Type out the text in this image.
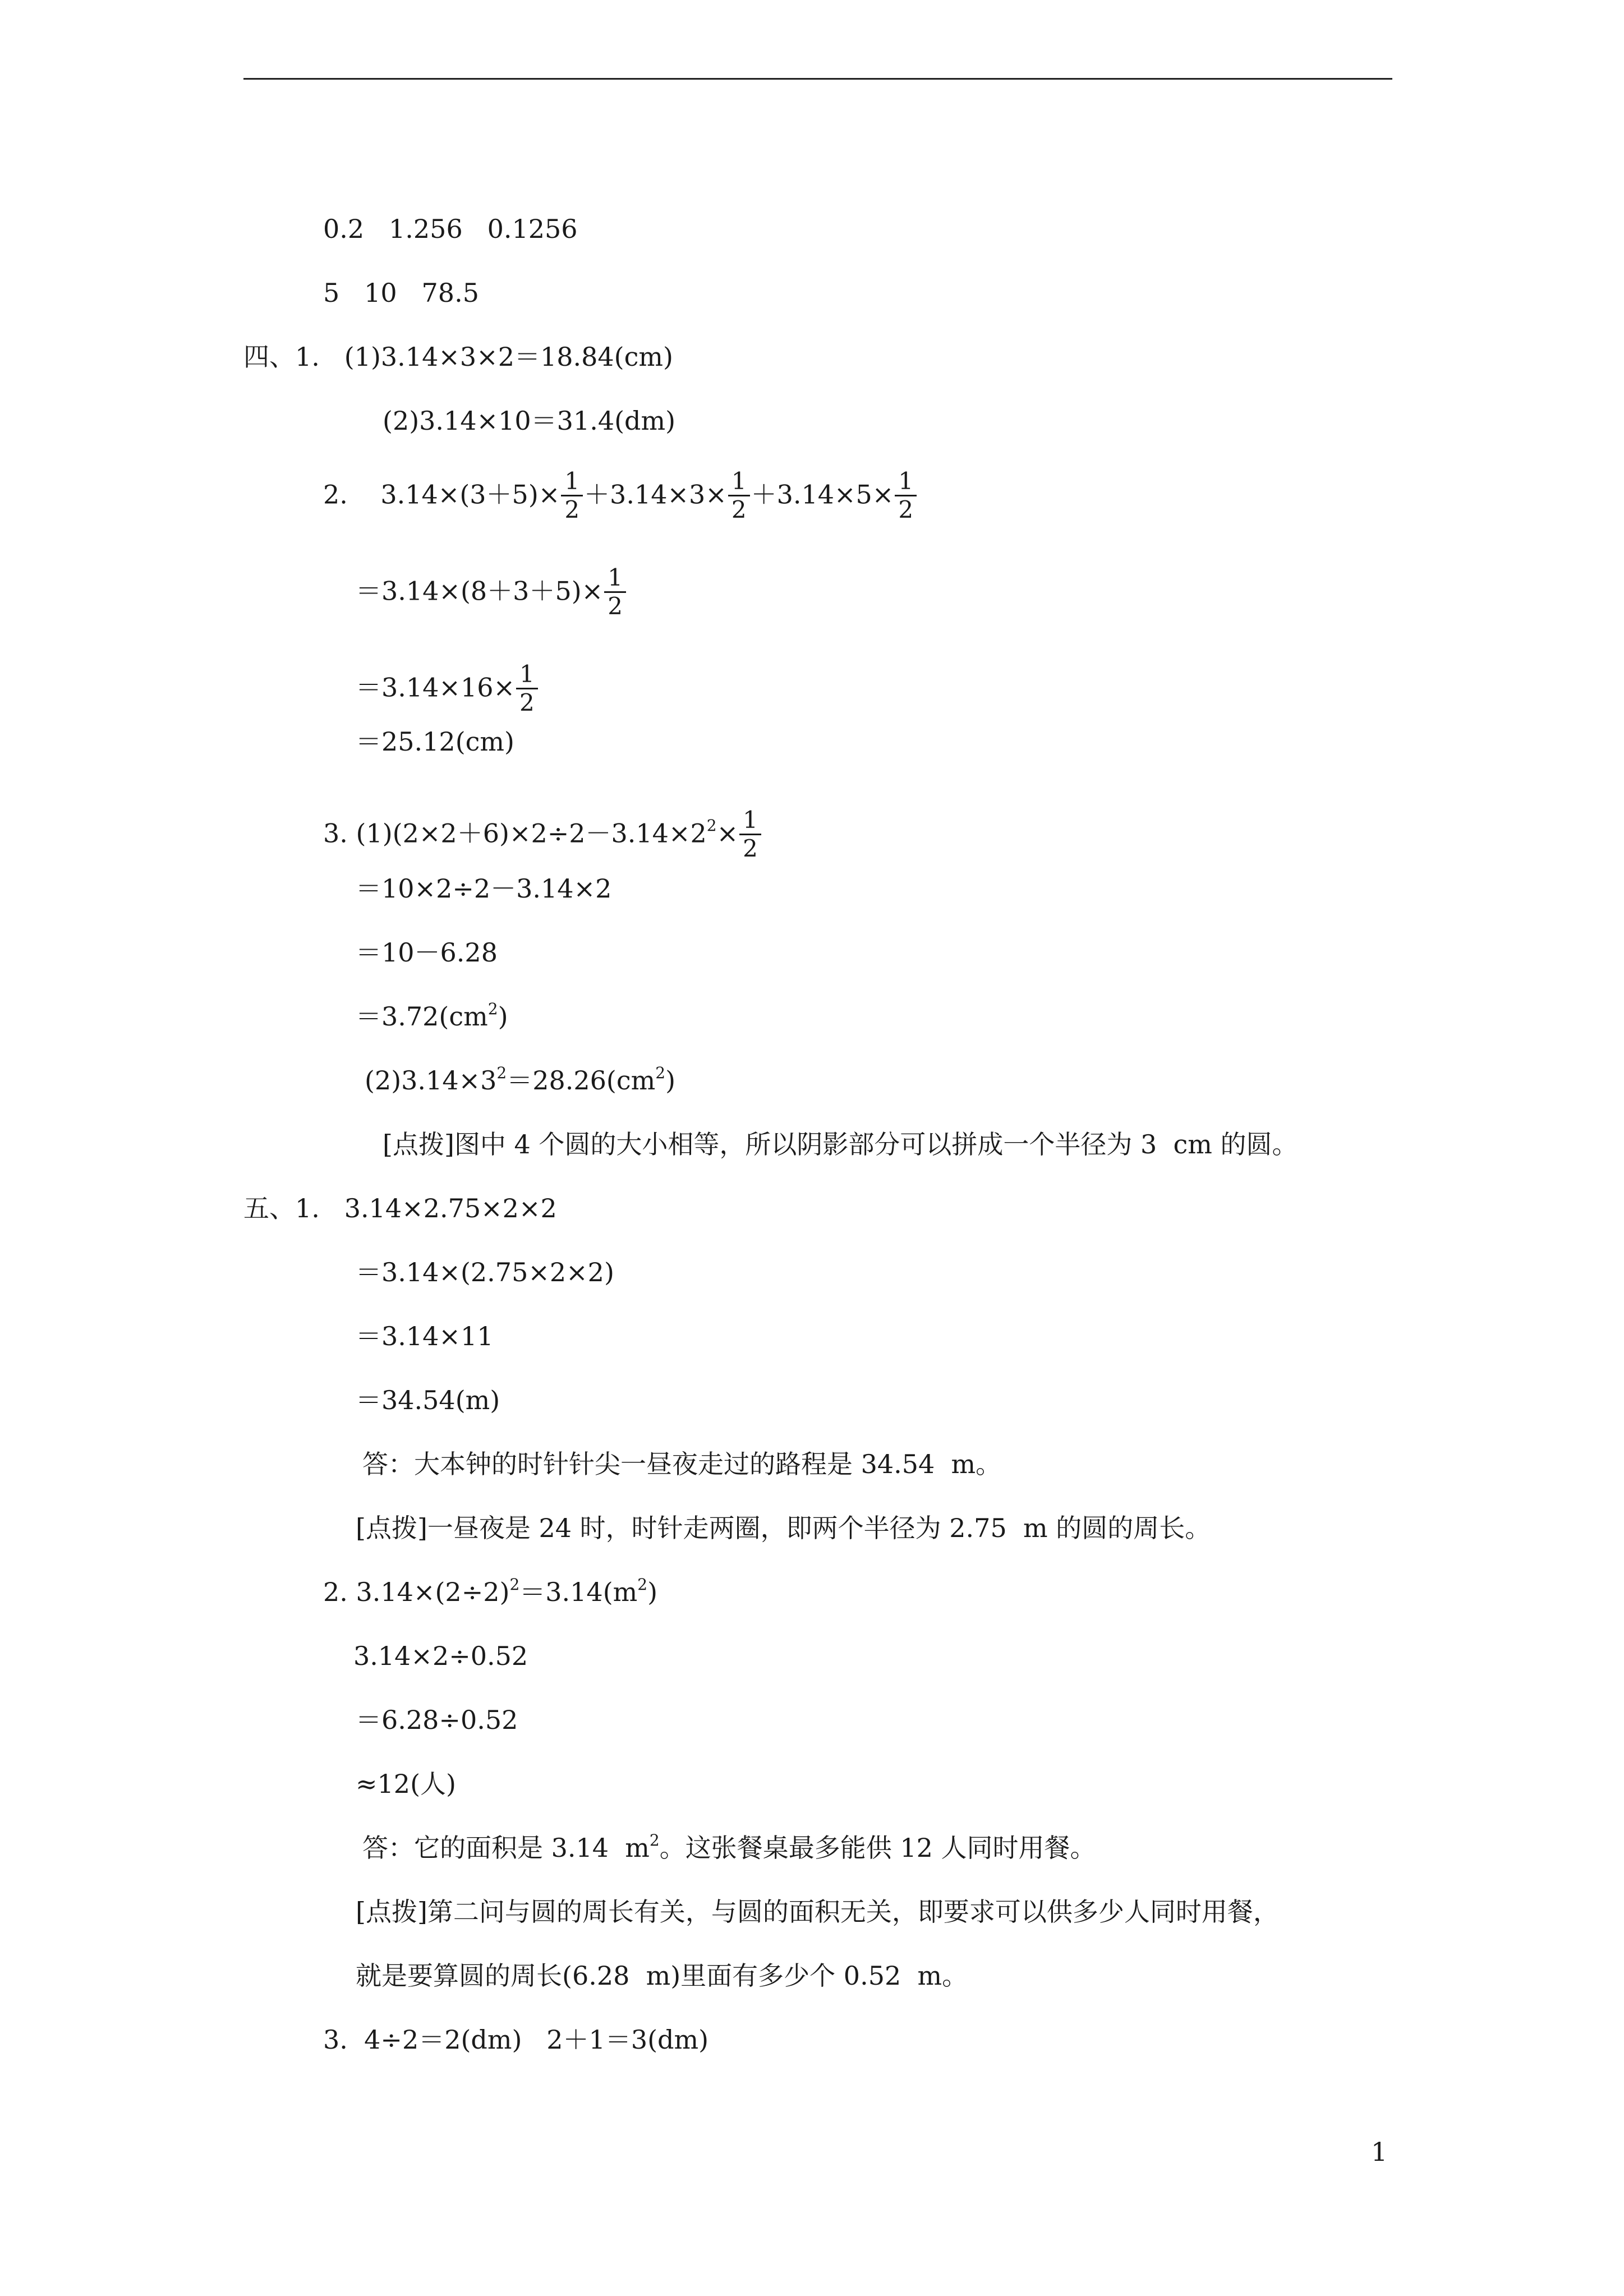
0.2   1.256   0.1256
5   10   78.5
四、1.   (1)3.14×3×2＝18.84(cm)
(2)3.14×10＝31.4(dm)
2.    $3.14\times(3+5)\times \frac{1}{2} +3.14\times 3\times \frac{1}{2} +3.14\times 5\times \frac{1}{2}$
$=3.14\times(8+3+5)\times \frac{1}{2}$
$=3.14\times 16\times \frac{1}{2}$
＝25.12(cm)
3. $(1)(2\times 2+6)\times 2\div 2-3.14\times 2^2\times \frac{1}{2}$
＝10×2÷2－3.14×2
＝10－6.28
$=3.72(cm^2)$
$(2)3.14\times 3^2=28.26(cm^2)$
[点拨]图中 4 个圆的大小相等，所以阴影部分可以拼成一个半径为 3  cm 的圆。
五、1.   3.14×2.75×2×2
＝3.14×(2.75×2×2)
＝3.14×11
＝34.54(m)
答：大本钟的时针针尖一昼夜走过的路程是 34.54  m。
[点拨]一昼夜是 24 时，时针走两圈，即两个半径为 2.75  m 的圆的周长。
2. $3.14\times(2\div 2)^2=3.14(m^2)$
3.14×2÷0.52
＝6.28÷0.52
≈12(人)
答：它的面积是 3.14  $m^2$。这张餐桌最多能供 12 人同时用餐。
[点拨]第二问与圆的周长有关，与圆的面积无关，即要求可以供多少人同时用餐，
就是要算圆的周长(6.28  m)里面有多少个 0.52  m。
3.  4÷2＝2(dm)   2＋1＝3(dm)
1
